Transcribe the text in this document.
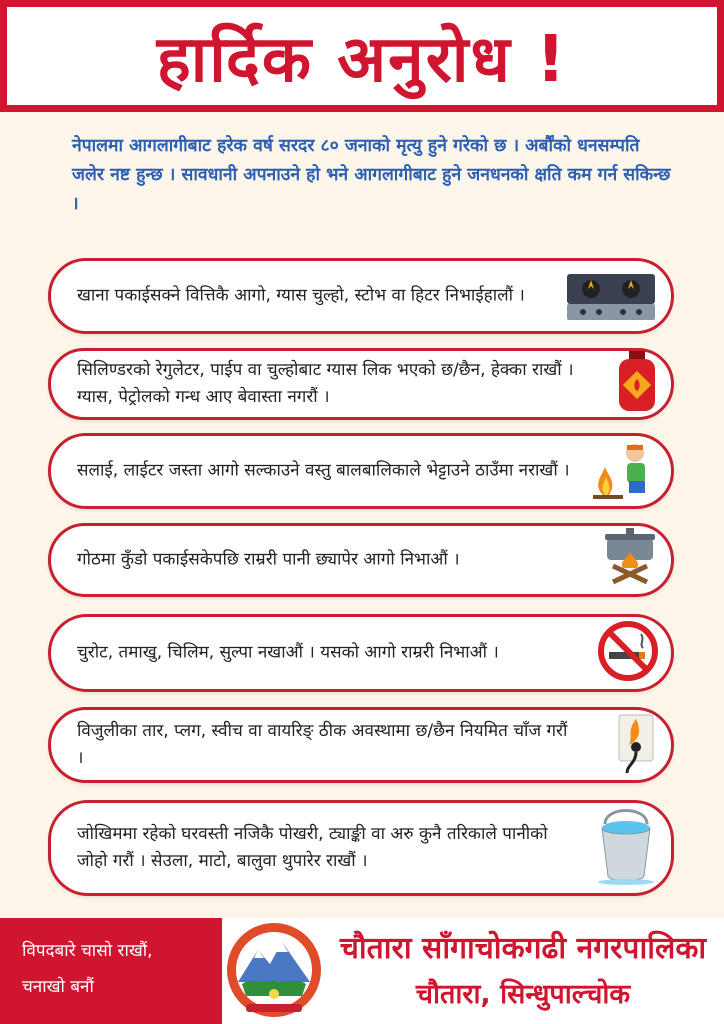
हार्दिक अनुरोध !
नेपालमा आगलागीबाट हरेक वर्ष सरदर ८० जनाको मृत्यु हुने गरेको छ । अर्बौंको धनसम्पति जलेर नष्ट हुन्छ । सावधानी अपनाउने हो भने आगलागीबाट हुने जनधनको क्षति कम गर्न सकिन्छ ।
खाना पकाईसक्ने वित्तिकै आगो, ग्यास चुल्हो, स्टोभ वा हिटर निभाईहालौं ।
सिलिण्डरको रेगुलेटर, पाईप वा चुल्होबाट ग्यास लिक भएको छ/छैन, हेक्का राखौं । ग्यास, पेट्रोलको गन्ध आए बेवास्ता नगरौं ।
सलाई, लाईटर जस्ता आगो सल्काउने वस्तु बालबालिकाले भेट्टाउने ठाउँमा नराखौं ।
गोठमा कुँडो पकाईसकेपछि राम्ररी पानी छ्यापेर आगो निभाऔं ।
चुरोट, तमाखु, चिलिम, सुल्पा नखाऔं । यसको आगो राम्ररी निभाऔं ।
विजुलीका तार, प्लग, स्वीच वा वायरिङ् ठीक अवस्थामा छ/छैन नियमित चाँज गरौं ।
जोखिममा रहेको घरवस्ती नजिकै पोखरी, ट्याङ्की वा अरु कुनै तरिकाले पानीको जोहो गरौं । सेउला, माटो, बालुवा थुपारेर राखौं ।
विपदबारे चासो राखौं,
चनाखो बनौं
चौतारा साँगाचोकगढी नगरपालिका
चौतारा, सिन्धुपाल्चोक
